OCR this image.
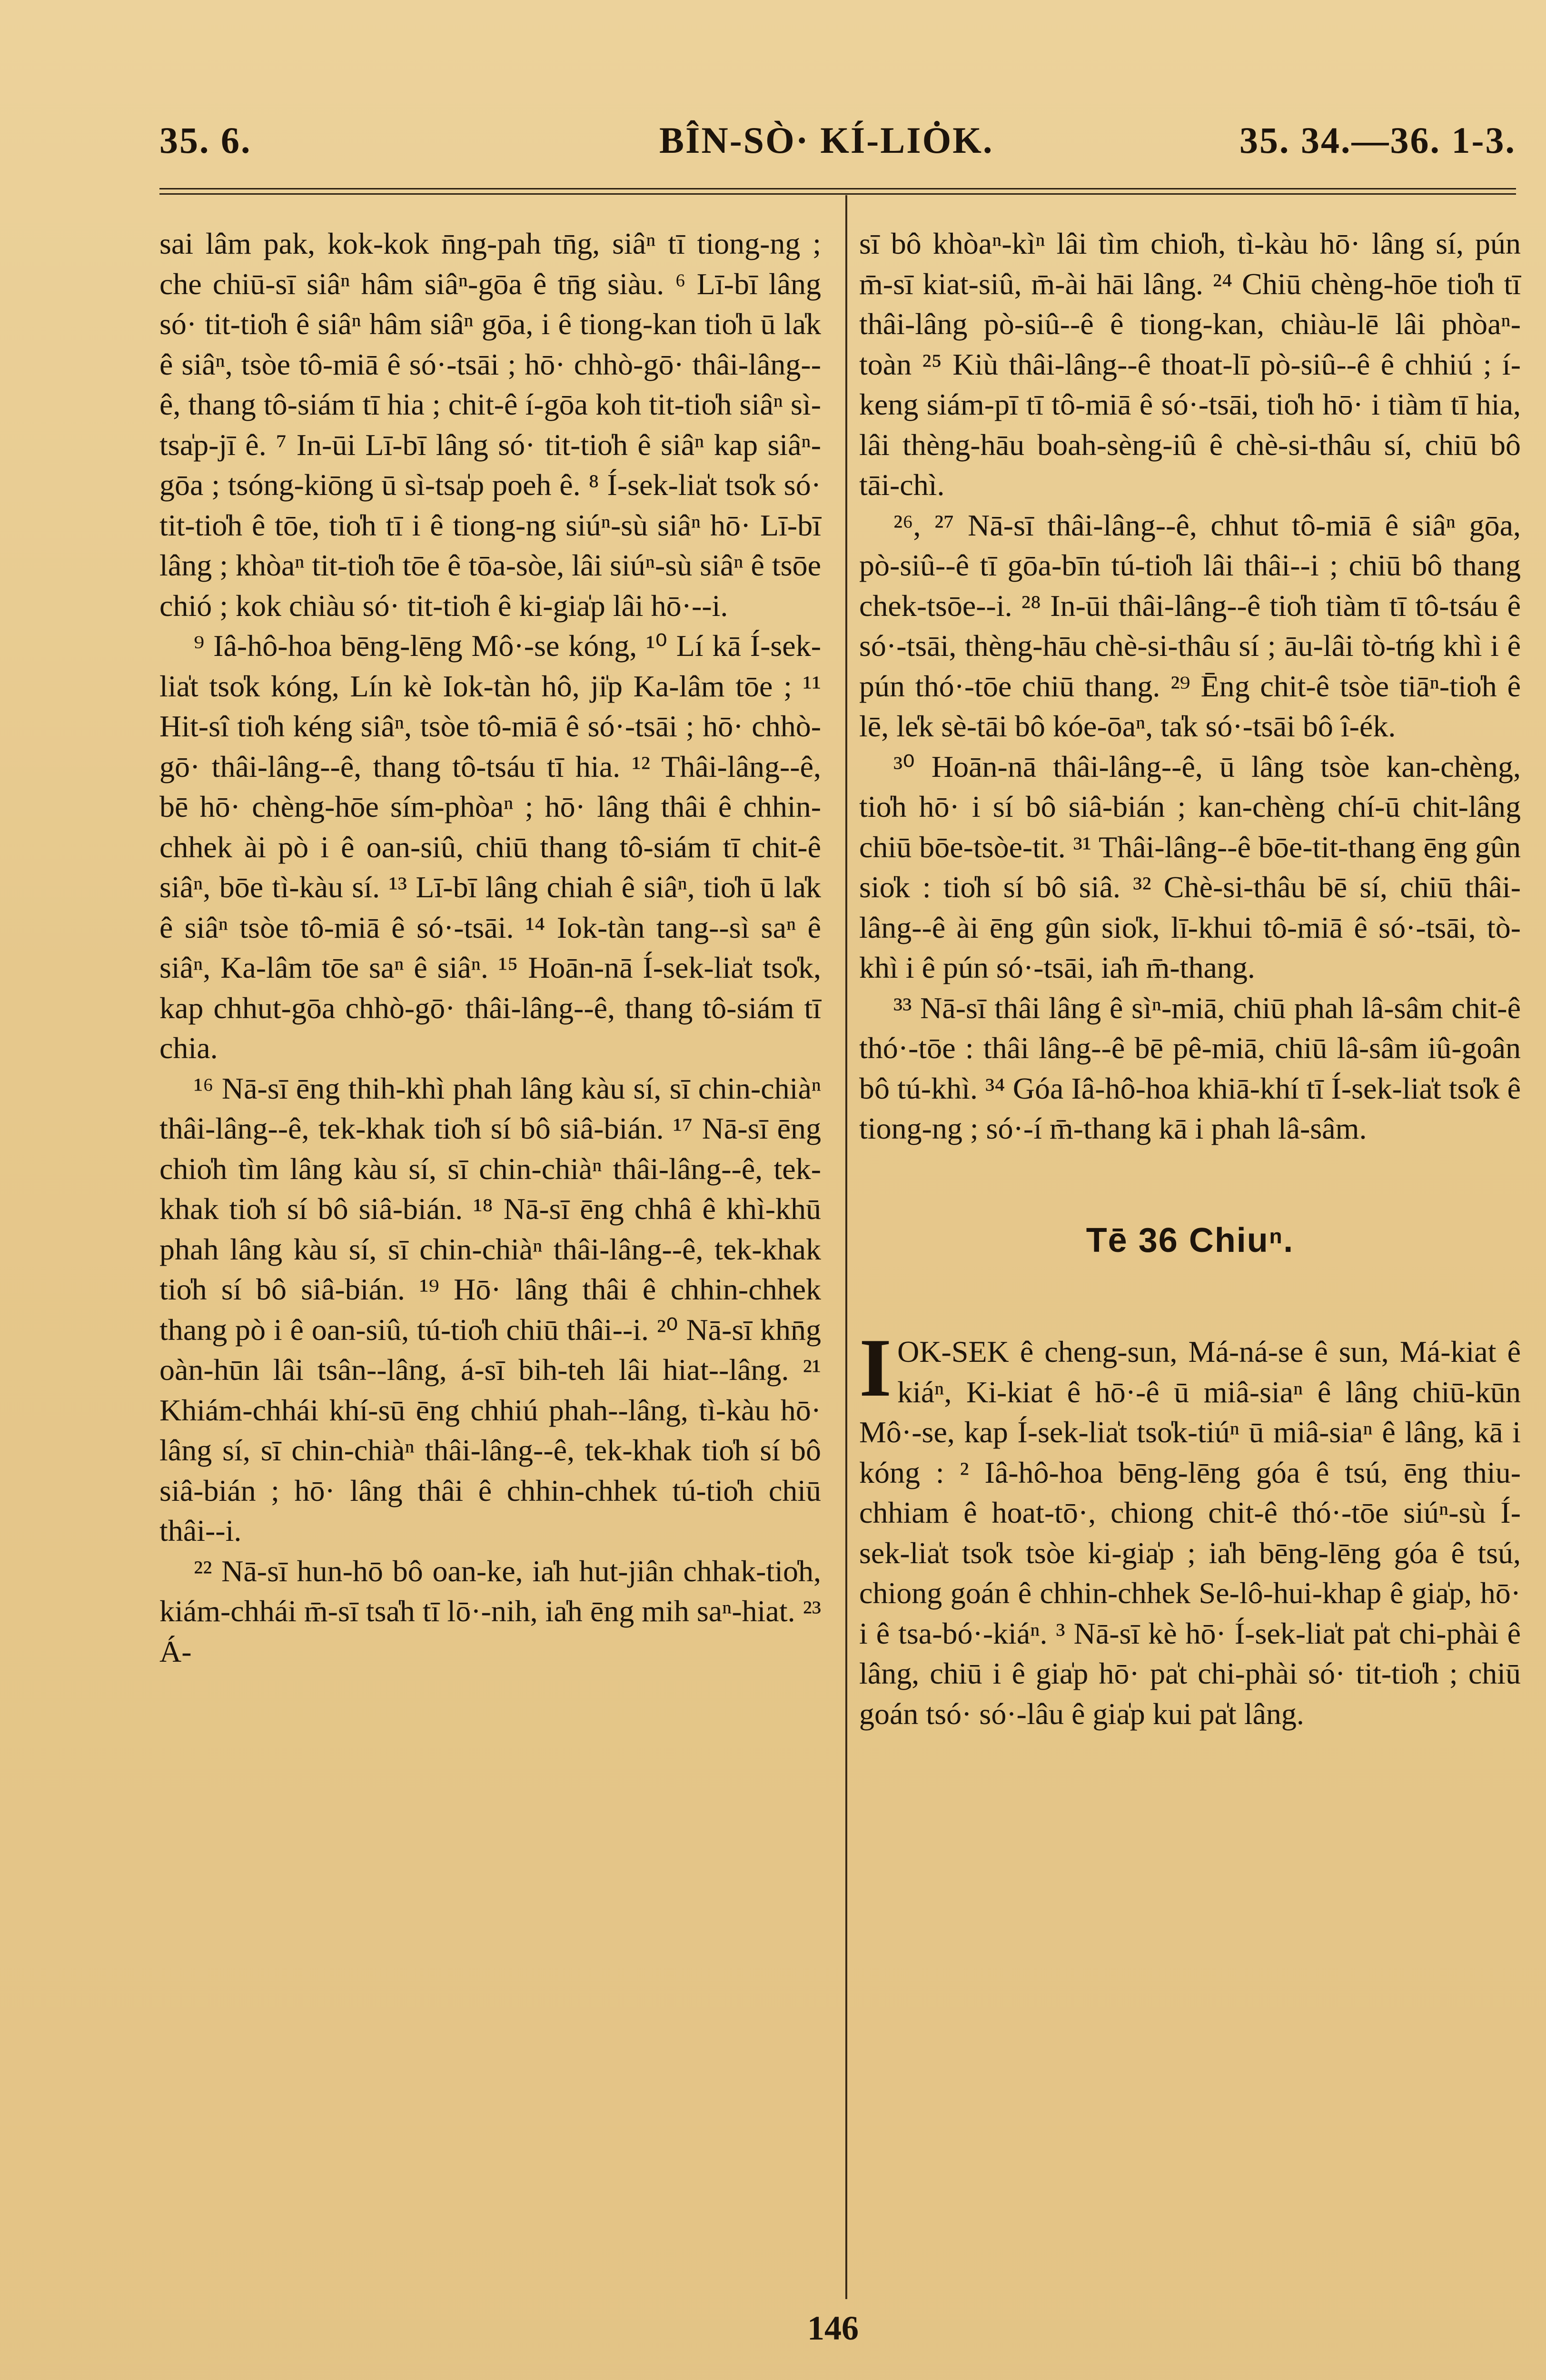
35. 6.	BÎN-SÒ· KÍ-LIȮK.	35. 34.—36. 1-3.

sai lâm pak, kok-kok n̄ng-pah tn̄g, siâⁿ tī tiong-ng ; che chiū-sī siâⁿ hâm siâⁿ-gōa ê tn̄g siàu. ⁶ Lī-bī lâng só· tit-tio̍h ê siâⁿ hâm siâⁿ gōa, i ê tiong-kan tio̍h ū la̍k ê siâⁿ, tsòe tô-miā ê só·-tsāi ; hō· chhò-gō· thâi-lâng--ê, thang tô-siám tī hia ; chit-ê í-gōa koh tit-tio̍h siâⁿ sì-tsa̍p-jī ê. ⁷ In-ūi Lī-bī lâng só· tit-tio̍h ê siâⁿ kap siâⁿ-gōa ; tsóng-kiōng ū sì-tsa̍p poeh ê. ⁸ Í-sek-lia̍t tso̍k só· tit-tio̍h ê tōe, tio̍h tī i ê tiong-ng siúⁿ-sù siâⁿ hō· Lī-bī lâng ; khòaⁿ tit-tio̍h tōe ê tōa-sòe, lâi siúⁿ-sù siâⁿ ê tsōe chió ; kok chiàu só· tit-tio̍h ê ki-gia̍p lâi hō·--i.

⁹ Iâ-hô-hoa bēng-lēng Mô·-se kóng, ¹⁰ Lí kā Í-sek-lia̍t tso̍k kóng, Lín kè Iok-tàn hô, ji̍p Ka-lâm tōe ; ¹¹ Hit-sî tio̍h kéng siâⁿ, tsòe tô-miā ê só·-tsāi ; hō· chhò-gō· thâi-lâng--ê, thang tô-tsáu tī hia. ¹² Thâi-lâng--ê, bē hō· chèng-hōe sím-phòaⁿ ; hō· lâng thâi ê chhin-chhek ài pò i ê oan-siû, chiū thang tô-siám tī chit-ê siâⁿ, bōe tì-kàu sí. ¹³ Lī-bī lâng chiah ê siâⁿ, tio̍h ū la̍k ê siâⁿ tsòe tô-miā ê só·-tsāi. ¹⁴ Iok-tàn tang--sì saⁿ ê siâⁿ, Ka-lâm tōe saⁿ ê siâⁿ. ¹⁵ Hoān-nā Í-sek-lia̍t tso̍k, kap chhut-gōa chhò-gō· thâi-lâng--ê, thang tô-siám tī chia.

¹⁶ Nā-sī ēng thih-khì phah lâng kàu sí, sī chin-chiàⁿ thâi-lâng--ê, tek-khak tio̍h sí bô siâ-bián. ¹⁷ Nā-sī ēng chio̍h tìm lâng kàu sí, sī chin-chiàⁿ thâi-lâng--ê, tek-khak tio̍h sí bô siâ-bián. ¹⁸ Nā-sī ēng chhâ ê khì-khū phah lâng kàu sí, sī chin-chiàⁿ thâi-lâng--ê, tek-khak tio̍h sí bô siâ-bián. ¹⁹ Hō· lâng thâi ê chhin-chhek thang pò i ê oan-siû, tú-tio̍h chiū thâi--i. ²⁰ Nā-sī khn̄g oàn-hūn lâi tsân--lâng, á-sī bih-teh lâi hiat--lâng. ²¹ Khiám-chhái khí-sū ēng chhiú phah--lâng, tì-kàu hō· lâng sí, sī chin-chiàⁿ thâi-lâng--ê, tek-khak tio̍h sí bô siâ-bián ; hō· lâng thâi ê chhin-chhek tú-tio̍h chiū thâi--i.

²² Nā-sī hun-hō bô oan-ke, ia̍h hut-jiân chhak-tio̍h, kiám-chhái m̄-sī tsa̍h tī lō·-nih, ia̍h ēng mih saⁿ-hiat. ²³ Á-

sī bô khòaⁿ-kìⁿ lâi tìm chio̍h, tì-kàu hō· lâng sí, pún m̄-sī kiat-siû, m̄-ài hāi lâng. ²⁴ Chiū chèng-hōe tio̍h tī thâi-lâng pò-siû--ê ê tiong-kan, chiàu-lē lâi phòaⁿ-toàn ²⁵ Kiù thâi-lâng--ê thoat-lī pò-siû--ê ê chhiú ; í-keng siám-pī tī tô-miā ê só·-tsāi, tio̍h hō· i tiàm tī hia, lâi thèng-hāu boah-sèng-iû ê chè-si-thâu sí, chiū bô tāi-chì.

²⁶, ²⁷ Nā-sī thâi-lâng--ê, chhut tô-miā ê siâⁿ gōa, pò-siû--ê tī gōa-bīn tú-tio̍h lâi thâi--i ; chiū bô thang chek-tsōe--i. ²⁸ In-ūi thâi-lâng--ê tio̍h tiàm tī tô-tsáu ê só·-tsāi, thèng-hāu chè-si-thâu sí ; āu-lâi tò-tńg khì i ê pún thó·-tōe chiū thang. ²⁹ Ēng chit-ê tsòe tiāⁿ-tio̍h ê lē, le̍k sè-tāi bô kóe-ōaⁿ, ta̍k só·-tsāi bô î-ék.

³⁰ Hoān-nā thâi-lâng--ê, ū lâng tsòe kan-chèng, tio̍h hō· i sí bô siâ-bián ; kan-chèng chí-ū chit-lâng chiū bōe-tsòe-tit. ³¹ Thâi-lâng--ê bōe-tit-thang ēng gûn sio̍k : tio̍h sí bô siâ. ³² Chè-si-thâu bē sí, chiū thâi-lâng--ê ài ēng gûn sio̍k, lī-khui tô-miā ê só·-tsāi, tò-khì i ê pún só·-tsāi, ia̍h m̄-thang.

³³ Nā-sī thâi lâng ê sìⁿ-miā, chiū phah lâ-sâm chit-ê thó·-tōe : thâi lâng--ê bē pê-miā, chiū lâ-sâm iû-goân bô tú-khì. ³⁴ Góa Iâ-hô-hoa khiā-khí tī Í-sek-lia̍t tso̍k ê tiong-ng ; só·-í m̄-thang kā i phah lâ-sâm.

Tē 36 Chiuⁿ.

I OK-SEK ê cheng-sun, Má-ná-se ê sun, Má-kiat ê kiáⁿ, Ki-kiat ê hō·-ê ū miâ-siaⁿ ê lâng chiū-kūn Mô·-se, kap Í-sek-lia̍t tso̍k-tiúⁿ ū miâ-siaⁿ ê lâng, kā i kóng : ² Iâ-hô-hoa bēng-lēng góa ê tsú, ēng thiu-chhiam ê hoat-tō·, chiong chit-ê thó·-tōe siúⁿ-sù Í-sek-lia̍t tso̍k tsòe ki-gia̍p ; ia̍h bēng-lēng góa ê tsú, chiong goán ê chhin-chhek Se-lô-hui-khap ê gia̍p, hō· i ê tsa-bó·-kiáⁿ. ³ Nā-sī kè hō· Í-sek-lia̍t pa̍t chi-phài ê lâng, chiū i ê gia̍p hō· pa̍t chi-phài só· tit-tio̍h ; chiū goán tsó· só·-lâu ê gia̍p kui pa̍t lâng.

146
